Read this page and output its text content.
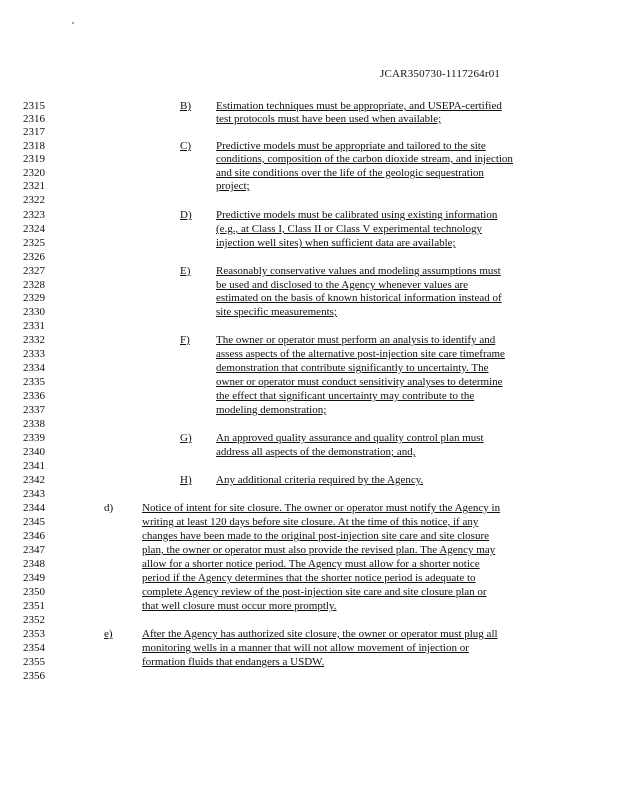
JCAR350730-1117264r01
2315
2316
2317
2318
2319
2320
2321
2322
2323
2324
2325
2326
2327
2328
2329
2330
2331
2332
2333
2334
2335
2336
2337
2338
2339
2340
2341
2342
2343
2344
2345
2346
2347
2348
2349
2350
2351
2352
2353
2354
2355
2356
B) Estimation techniques must be appropriate, and USEPA-certified
test protocols must have been used when available;
C) Predictive models must be appropriate and tailored to the site
conditions, composition of the carbon dioxide stream, and injection
and site conditions over the life of the geologic sequestration
project;
D) Predictive models must be calibrated using existing information
(e.g., at Class I, Class II or Class V experimental technology
injection well sites) when sufficient data are available;
E) Reasonably conservative values and modeling assumptions must
be used and disclosed to the Agency whenever values are
estimated on the basis of known historical information instead of
site specific measurements;
F) The owner or operator must perform an analysis to identify and
assess aspects of the alternative post-injection site care timeframe
demonstration that contribute significantly to uncertainty. The
owner or operator must conduct sensitivity analyses to determine
the effect that significant uncertainty may contribute to the
modeling demonstration;
G) An approved quality assurance and quality control plan must
address all aspects of the demonstration; and,
H) Any additional criteria required by the Agency.
d)	Notice of intent for site closure. The owner or operator must notify the Agency in
writing at least 120 days before site closure. At the time of this notice, if any
changes have been made to the original post-injection site care and site closure
plan, the owner or operator must also provide the revised plan. The Agency may
allow for a shorter notice period. The Agency must allow for a shorter notice
period if the Agency determines that the shorter notice period is adequate to
complete Agency review of the post-injection site care and site closure plan or
that well closure must occur more promptly.
e)	After the Agency has authorized site closure, the owner or operator must plug all
monitoring wells in a manner that will not allow movement of injection or
formation fluids that endangers a USDW.
